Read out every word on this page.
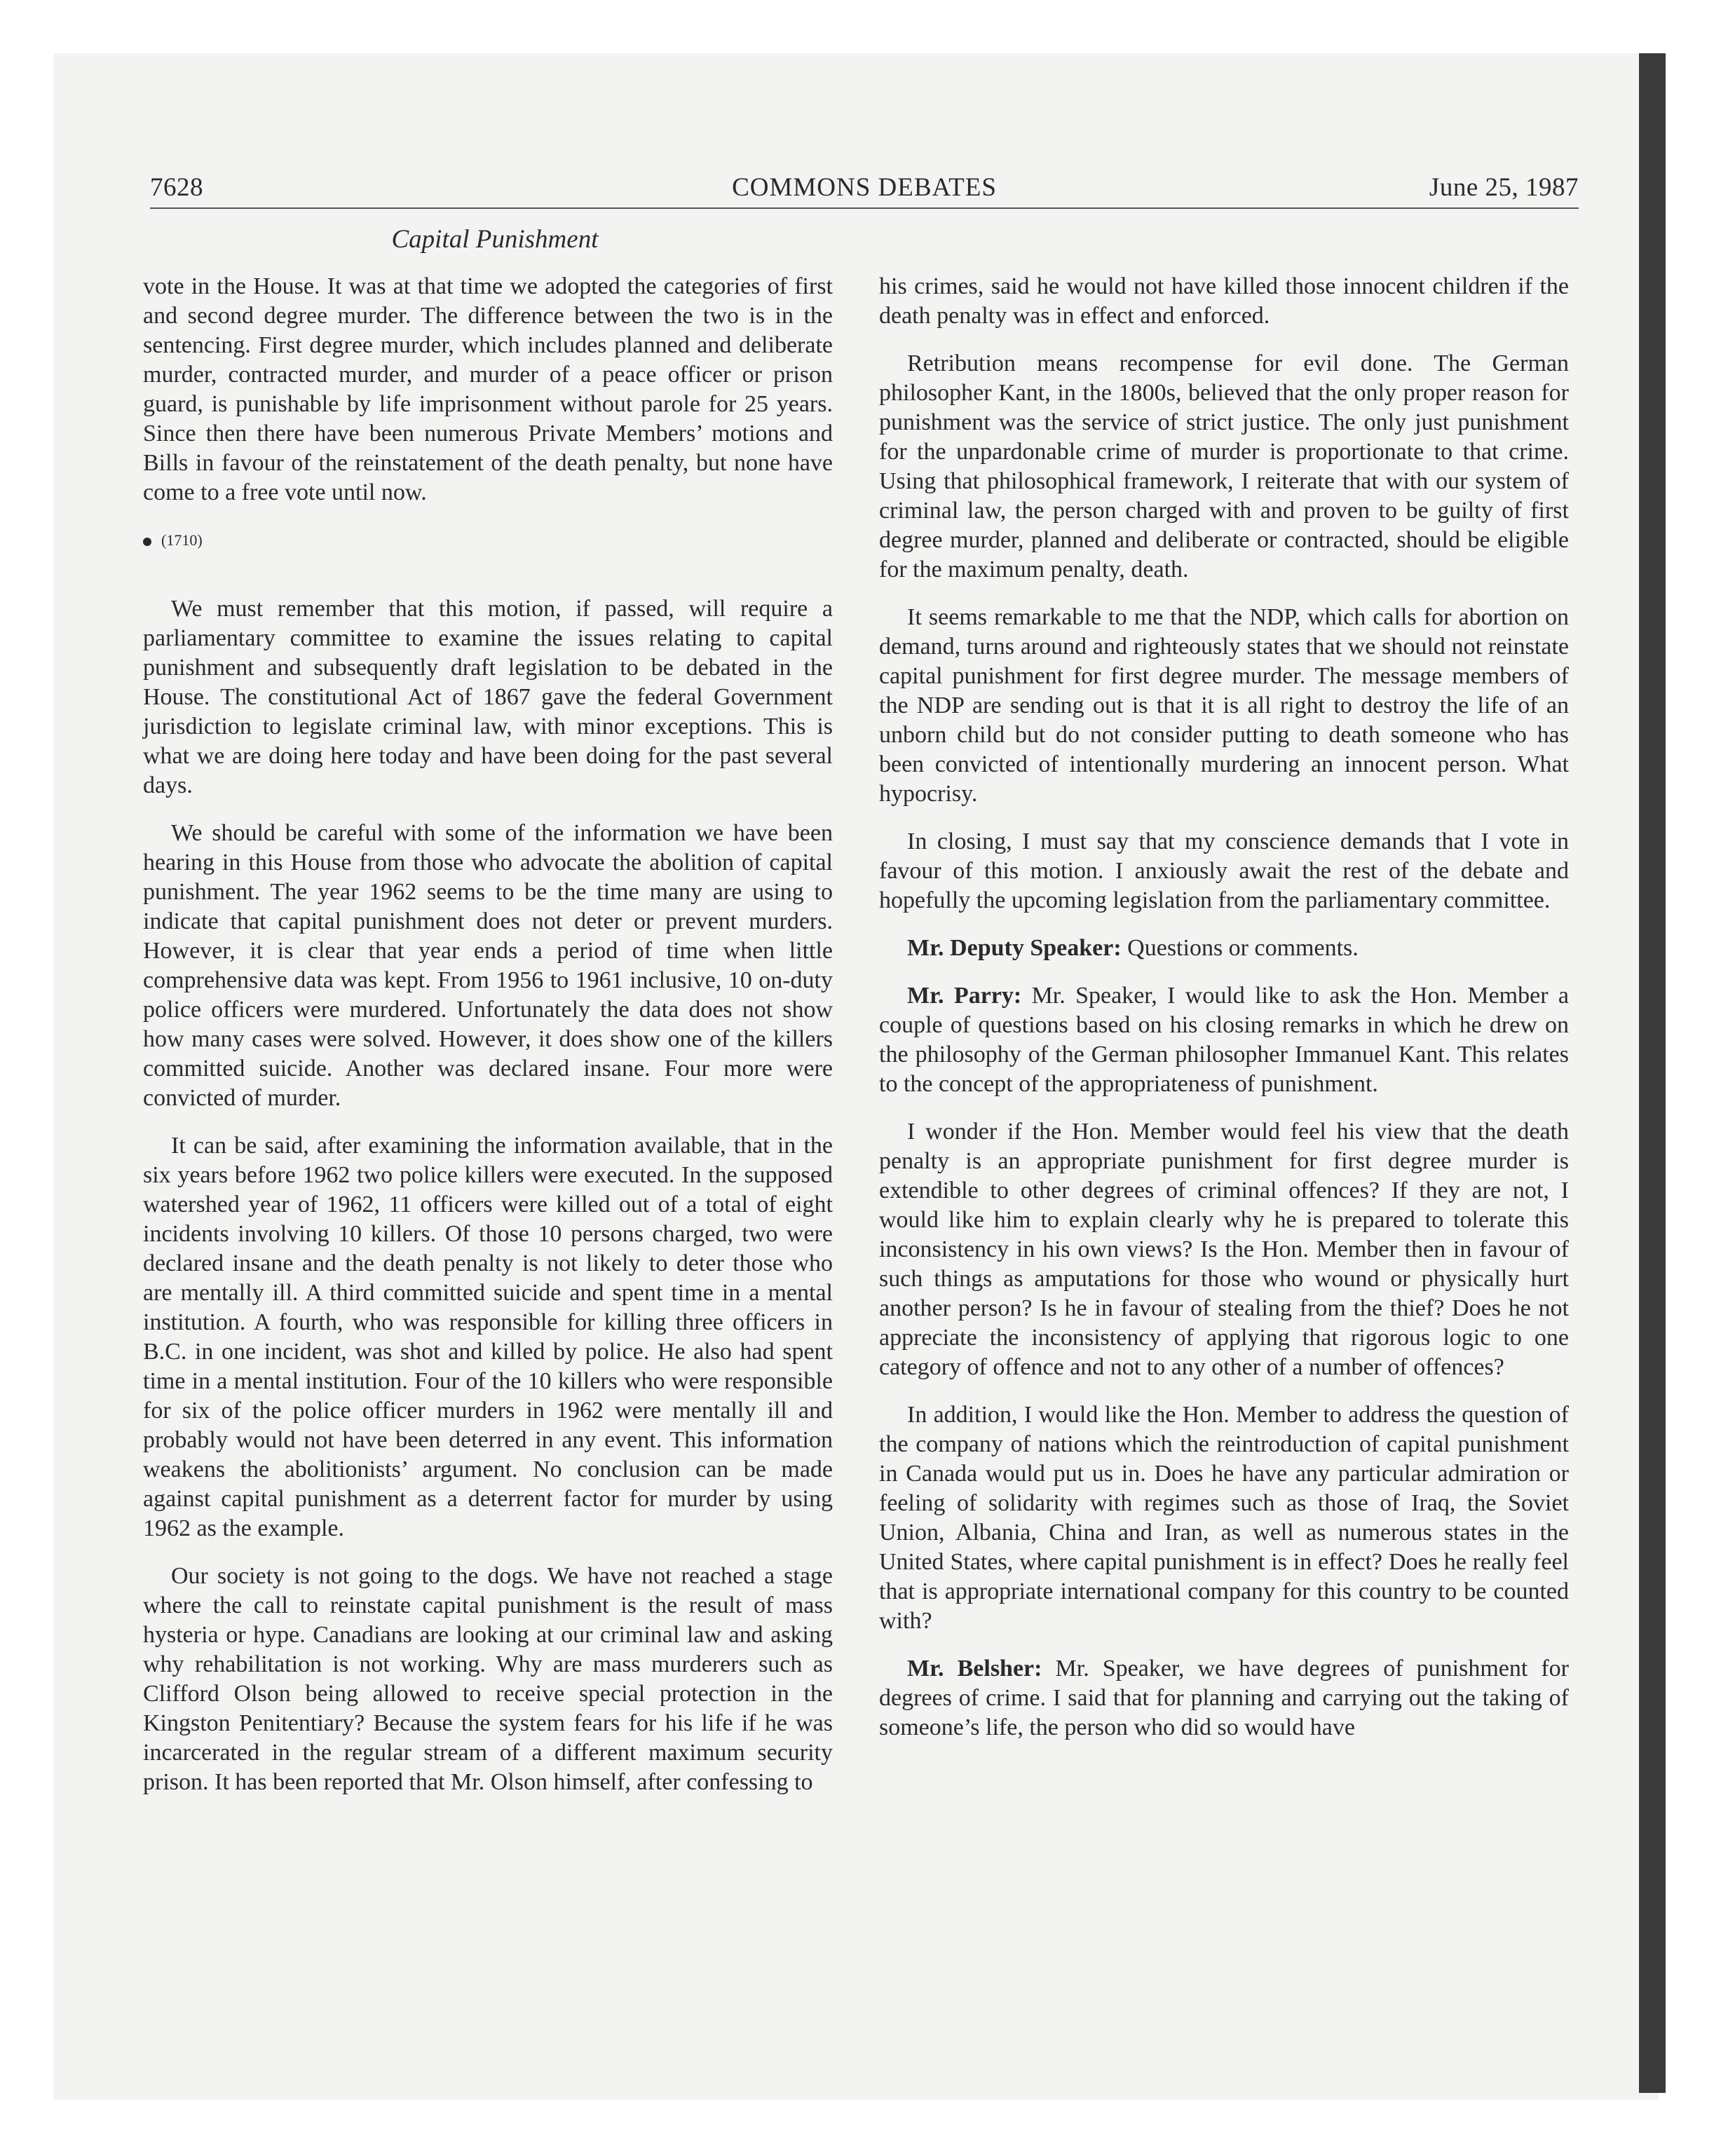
7628	COMMONS DEBATES	June 25, 1987
Capital Punishment

vote in the House. It was at that time we adopted the categories of first and second degree murder. The difference between the two is in the sentencing. First degree murder, which includes planned and deliberate murder, contracted murder, and murder of a peace officer or prison guard, is punishable by life imprisonment without parole for 25 years. Since then there have been numerous Private Members’ motions and Bills in favour of the reinstatement of the death penalty, but none have come to a free vote until now.

(1710)

We must remember that this motion, if passed, will require a parliamentary committee to examine the issues relating to capital punishment and subsequently draft legislation to be debated in the House. The constitutional Act of 1867 gave the federal Government jurisdiction to legislate criminal law, with minor exceptions. This is what we are doing here today and have been doing for the past several days.

We should be careful with some of the information we have been hearing in this House from those who advocate the abolition of capital punishment. The year 1962 seems to be the time many are using to indicate that capital punishment does not deter or prevent murders. However, it is clear that year ends a period of time when little comprehensive data was kept. From 1956 to 1961 inclusive, 10 on-duty police officers were murdered. Unfortunately the data does not show how many cases were solved. However, it does show one of the killers committed suicide. Another was declared insane. Four more were convicted of murder.

It can be said, after examining the information available, that in the six years before 1962 two police killers were executed. In the supposed watershed year of 1962, 11 officers were killed out of a total of eight incidents involving 10 killers. Of those 10 persons charged, two were declared insane and the death penalty is not likely to deter those who are mentally ill. A third committed suicide and spent time in a mental institution. A fourth, who was responsible for killing three officers in B.C. in one incident, was shot and killed by police. He also had spent time in a mental institution. Four of the 10 killers who were responsible for six of the police officer murders in 1962 were mentally ill and probably would not have been deterred in any event. This information weakens the abolitionists’ argument. No conclusion can be made against capital punishment as a deterrent factor for murder by using 1962 as the example.

Our society is not going to the dogs. We have not reached a stage where the call to reinstate capital punishment is the result of mass hysteria or hype. Canadians are looking at our criminal law and asking why rehabilitation is not working. Why are mass murderers such as Clifford Olson being allowed to receive special protection in the Kingston Penitentiary? Because the system fears for his life if he was incarcerated in the regular stream of a different maximum security prison. It has been reported that Mr. Olson himself, after confessing to

his crimes, said he would not have killed those innocent children if the death penalty was in effect and enforced.

Retribution means recompense for evil done. The German philosopher Kant, in the 1800s, believed that the only proper reason for punishment was the service of strict justice. The only just punishment for the unpardonable crime of murder is proportionate to that crime. Using that philosophical framework, I reiterate that with our system of criminal law, the person charged with and proven to be guilty of first degree murder, planned and deliberate or contracted, should be eligible for the maximum penalty, death.

It seems remarkable to me that the NDP, which calls for abortion on demand, turns around and righteously states that we should not reinstate capital punishment for first degree murder. The message members of the NDP are sending out is that it is all right to destroy the life of an unborn child but do not consider putting to death someone who has been convicted of intentionally murdering an innocent person. What hypocrisy.

In closing, I must say that my conscience demands that I vote in favour of this motion. I anxiously await the rest of the debate and hopefully the upcoming legislation from the parliamentary committee.

Mr. Deputy Speaker: Questions or comments.

Mr. Parry: Mr. Speaker, I would like to ask the Hon. Member a couple of questions based on his closing remarks in which he drew on the philosophy of the German philosopher Immanuel Kant. This relates to the concept of the appropriateness of punishment.

I wonder if the Hon. Member would feel his view that the death penalty is an appropriate punishment for first degree murder is extendible to other degrees of criminal offences? If they are not, I would like him to explain clearly why he is prepared to tolerate this inconsistency in his own views? Is the Hon. Member then in favour of such things as amputations for those who wound or physically hurt another person? Is he in favour of stealing from the thief? Does he not appreciate the inconsistency of applying that rigorous logic to one category of offence and not to any other of a number of offences?

In addition, I would like the Hon. Member to address the question of the company of nations which the reintroduction of capital punishment in Canada would put us in. Does he have any particular admiration or feeling of solidarity with regimes such as those of Iraq, the Soviet Union, Albania, China and Iran, as well as numerous states in the United States, where capital punishment is in effect? Does he really feel that is appropriate international company for this country to be counted with?

Mr. Belsher: Mr. Speaker, we have degrees of punishment for degrees of crime. I said that for planning and carrying out the taking of someone’s life, the person who did so would have
